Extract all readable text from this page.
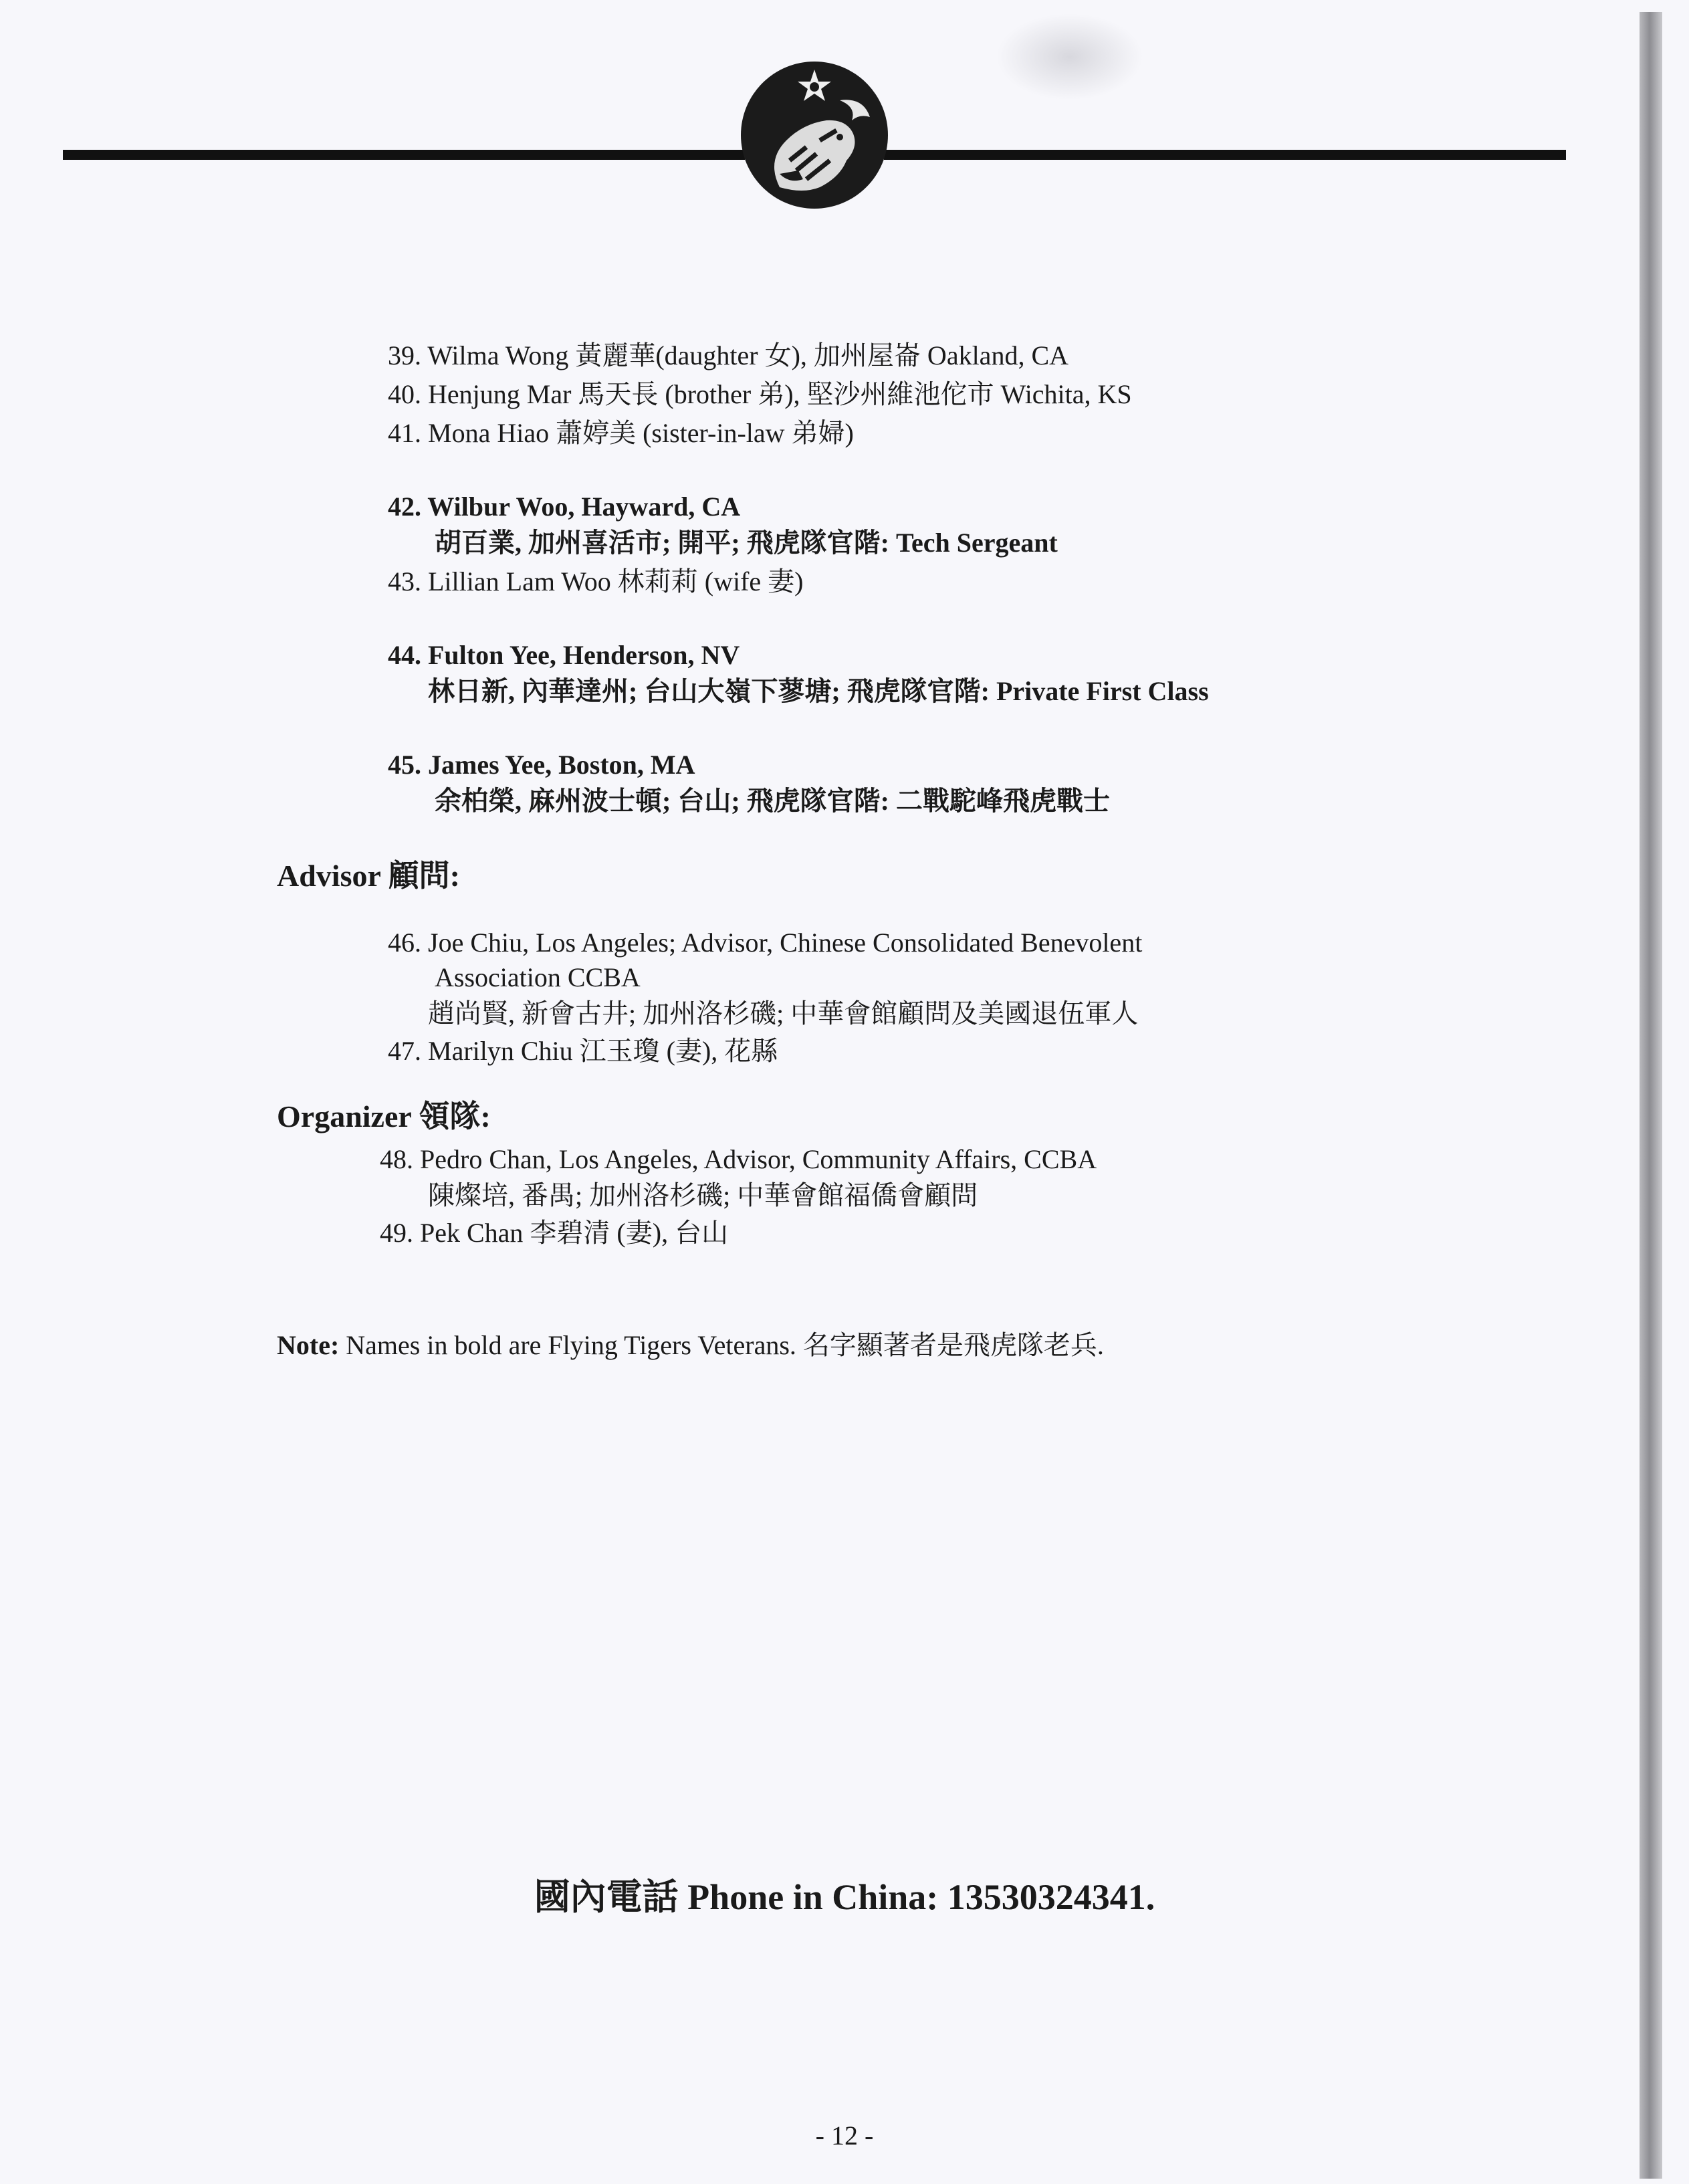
39. Wilma Wong 黃麗華(daughter 女), 加州屋崙 Oakland, CA
40. Henjung Mar 馬天長 (brother 弟), 堅沙州維池佗市 Wichita, KS
41. Mona Hiao 蕭婷美 (sister-in-law 弟婦)
42. Wilbur Woo, Hayward, CA
胡百業, 加州喜活市; 開平; 飛虎隊官階: Tech Sergeant
43. Lillian Lam Woo 林莉莉 (wife 妻)
44. Fulton Yee, Henderson, NV
林日新, 內華達州; 台山大嶺下蓼塘; 飛虎隊官階: Private First Class
45. James Yee, Boston, MA
余柏榮, 麻州波士頓; 台山; 飛虎隊官階: 二戰駝峰飛虎戰士
Advisor 顧問:
46. Joe Chiu, Los Angeles; Advisor, Chinese Consolidated Benevolent
Association CCBA
趙尚賢, 新會古井; 加州洛杉磯; 中華會館顧問及美國退伍軍人
47. Marilyn Chiu 江玉瓊 (妻), 花縣
Organizer 領隊:
48. Pedro Chan, Los Angeles, Advisor, Community Affairs, CCBA
陳燦培, 番禺; 加州洛杉磯; 中華會館福僑會顧問
49. Pek Chan 李碧清 (妻), 台山
Note: Names in bold are Flying Tigers Veterans. 名字顯著者是飛虎隊老兵.
國內電話 Phone in China: 13530324341.
- 12 -
